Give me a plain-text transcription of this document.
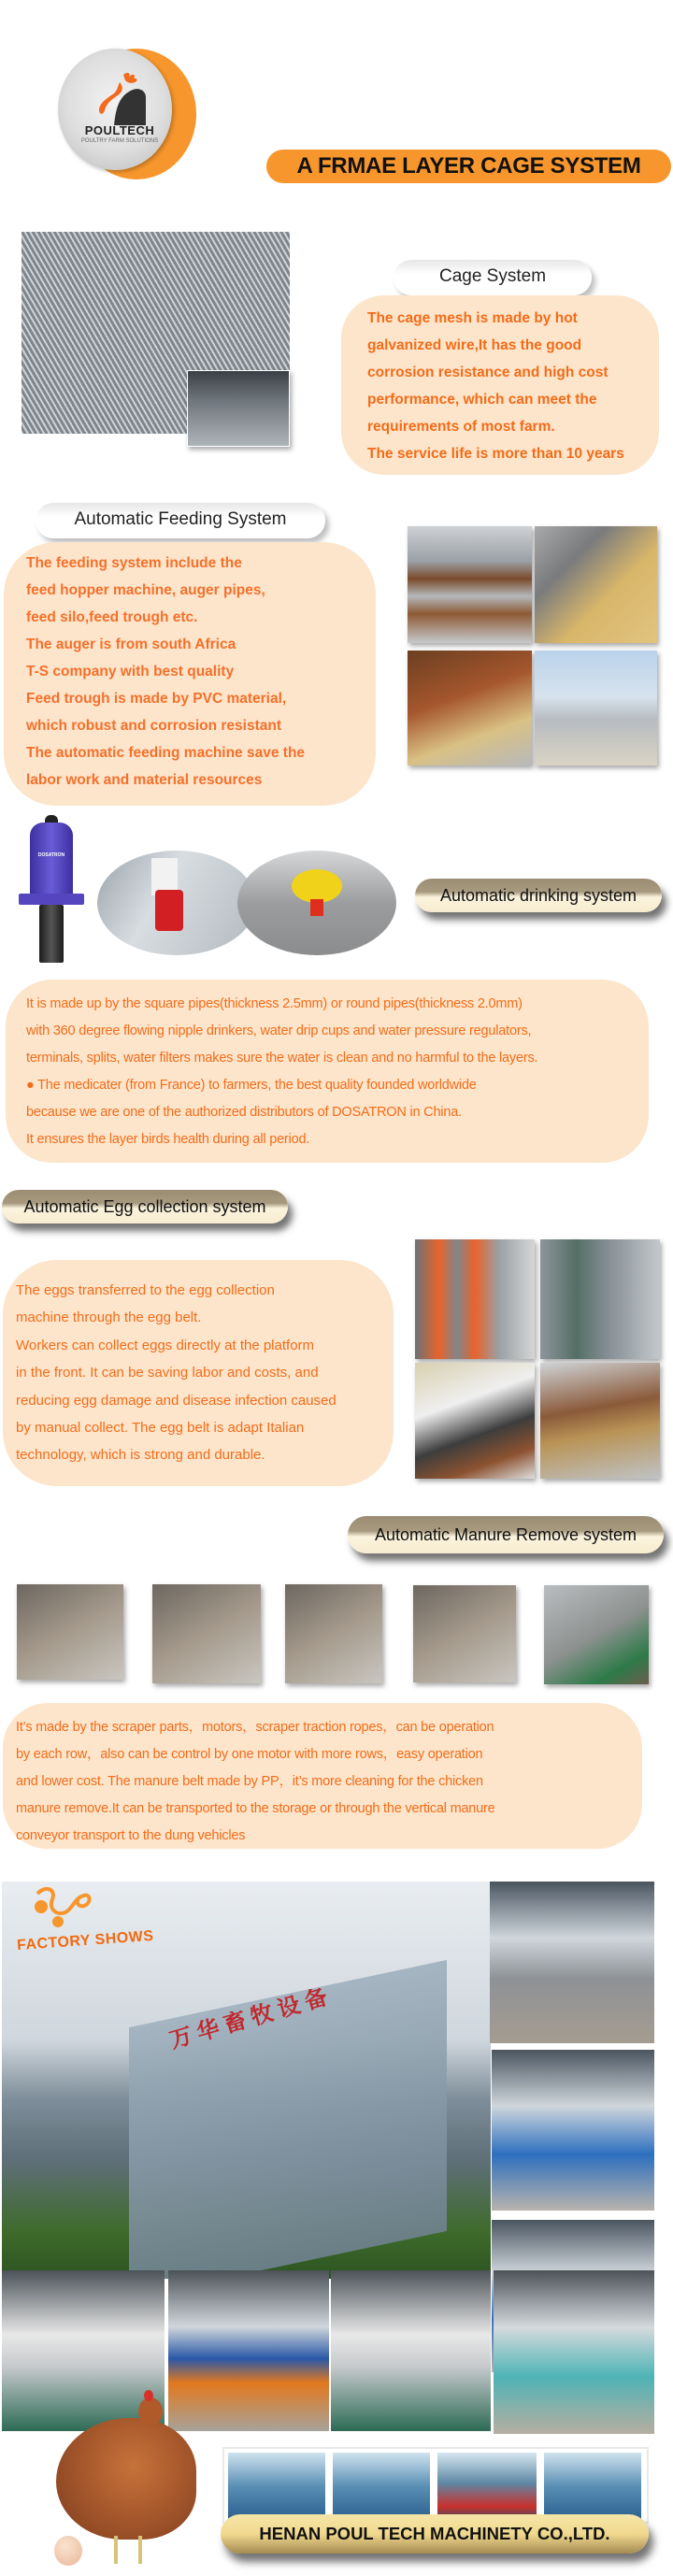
POULTECH
POULTRY FARM SOLUTIONS
A FRMAE LAYER CAGE SYSTEM
Cage System

The cage mesh is made by hot

galvanized wire,It has the good

corrosion resistance and high cost

performance, which can meet the

requirements of most farm.

The service life is more than 10 years

Automatic Feeding System

The feeding system include the

feed hopper machine, auger pipes,

feed silo,feed trough etc.

The auger is from south Africa

T-S company with best quality

Feed trough is made by PVC material,

which robust and corrosion resistant

The automatic feeding machine save the

labor work and material resources

DOSATRON
Automatic drinking system

It is made up by the square pipes(thickness 2.5mm) or round pipes(thickness 2.0mm)

with 360 degree flowing nipple drinkers, water drip cups and water pressure regulators,

terminals, splits, water filters makes sure the water is clean and no harmful to the layers.

● The medicater (from France) to farmers, the best quality founded worldwide

because we are one of the authorized distributors of DOSATRON in China.

It ensures the layer birds health during all period.

Automatic Egg collection system

The eggs transferred to the egg collection

machine through the egg belt.

Workers can collect eggs directly at the platform

in the front. It can be saving labor and costs, and

reducing egg damage and disease infection caused

by manual collect. The egg belt is adapt Italian

technology, which is strong and durable.

Automatic Manure Remove system

It’s made by the scraper parts，motors，scraper traction ropes，can be operation

by each row，also can be control by one motor with more rows，easy operation

and lower cost. The manure belt made by PP，it’s more cleaning for the chicken

manure remove.It can be transported to the storage or through the vertical manure

conveyor transport to the dung vehicles

万华畜牧设备
FACTORY SHOWS
HENAN POUL TECH MACHINETY CO.,LTD.
